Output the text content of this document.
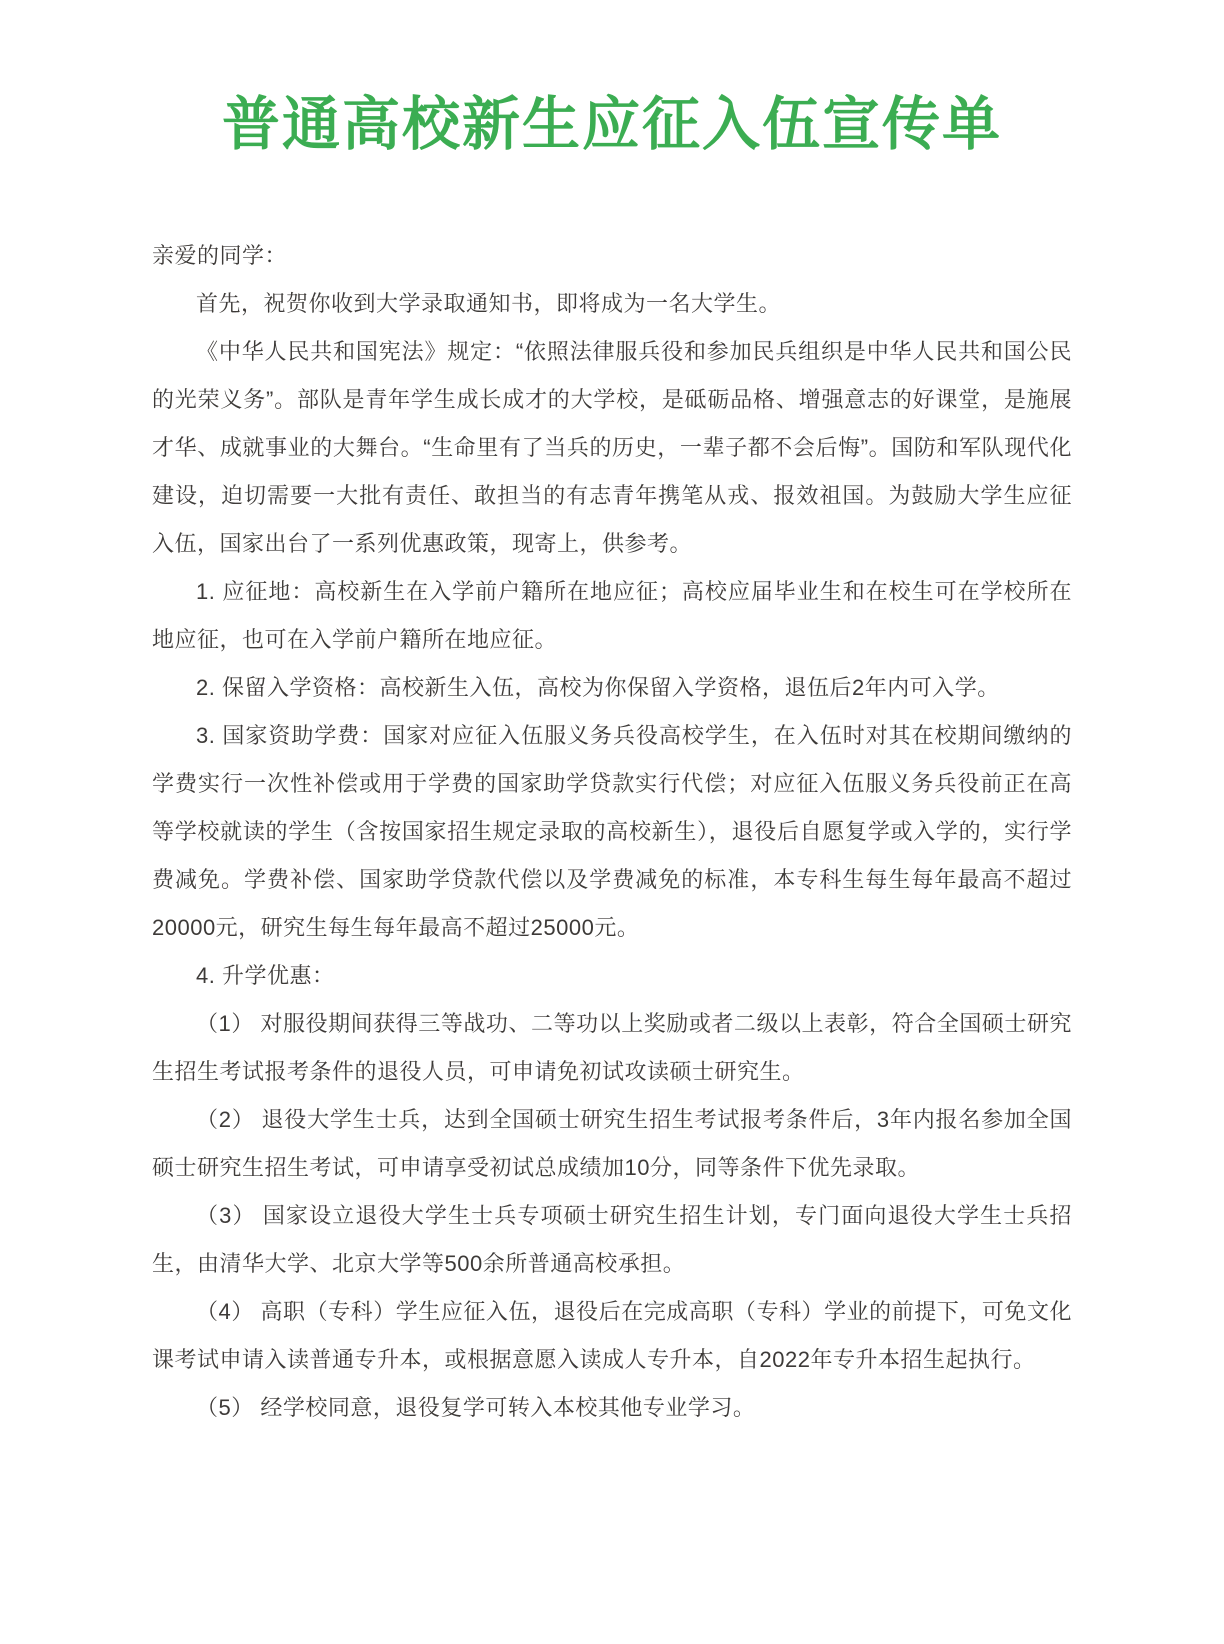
普通高校新生应征入伍宣传单

亲爱的同学：

首先，祝贺你收到大学录取通知书，即将成为一名大学生。

《中华人民共和国宪法》规定：“依照法律服兵役和参加民兵组织是中华人民共和国公民的光荣义务”。部队是青年学生成长成才的大学校，是砥砺品格、增强意志的好课堂，是施展才华、成就事业的大舞台。“生命里有了当兵的历史，一辈子都不会后悔”。国防和军队现代化建设，迫切需要一大批有责任、敢担当的有志青年携笔从戎、报效祖国。为鼓励大学生应征入伍，国家出台了一系列优惠政策，现寄上，供参考。

1. 应征地：高校新生在入学前户籍所在地应征；高校应届毕业生和在校生可在学校所在地应征，也可在入学前户籍所在地应征。

2. 保留入学资格：高校新生入伍，高校为你保留入学资格，退伍后2年内可入学。

3. 国家资助学费：国家对应征入伍服义务兵役高校学生，在入伍时对其在校期间缴纳的学费实行一次性补偿或用于学费的国家助学贷款实行代偿；对应征入伍服义务兵役前正在高等学校就读的学生（含按国家招生规定录取的高校新生），退役后自愿复学或入学的，实行学费减免。学费补偿、国家助学贷款代偿以及学费减免的标准，本专科生每生每年最高不超过20000元，研究生每生每年最高不超过25000元。

4. 升学优惠：

（1） 对服役期间获得三等战功、二等功以上奖励或者二级以上表彰，符合全国硕士研究生招生考试报考条件的退役人员，可申请免初试攻读硕士研究生。

（2） 退役大学生士兵，达到全国硕士研究生招生考试报考条件后，3年内报名参加全国硕士研究生招生考试，可申请享受初试总成绩加10分，同等条件下优先录取。

（3） 国家设立退役大学生士兵专项硕士研究生招生计划，专门面向退役大学生士兵招生，由清华大学、北京大学等500余所普通高校承担。

（4） 高职（专科）学生应征入伍，退役后在完成高职（专科）学业的前提下，可免文化课考试申请入读普通专升本，或根据意愿入读成人专升本，自2022年专升本招生起执行。

（5） 经学校同意，退役复学可转入本校其他专业学习。
